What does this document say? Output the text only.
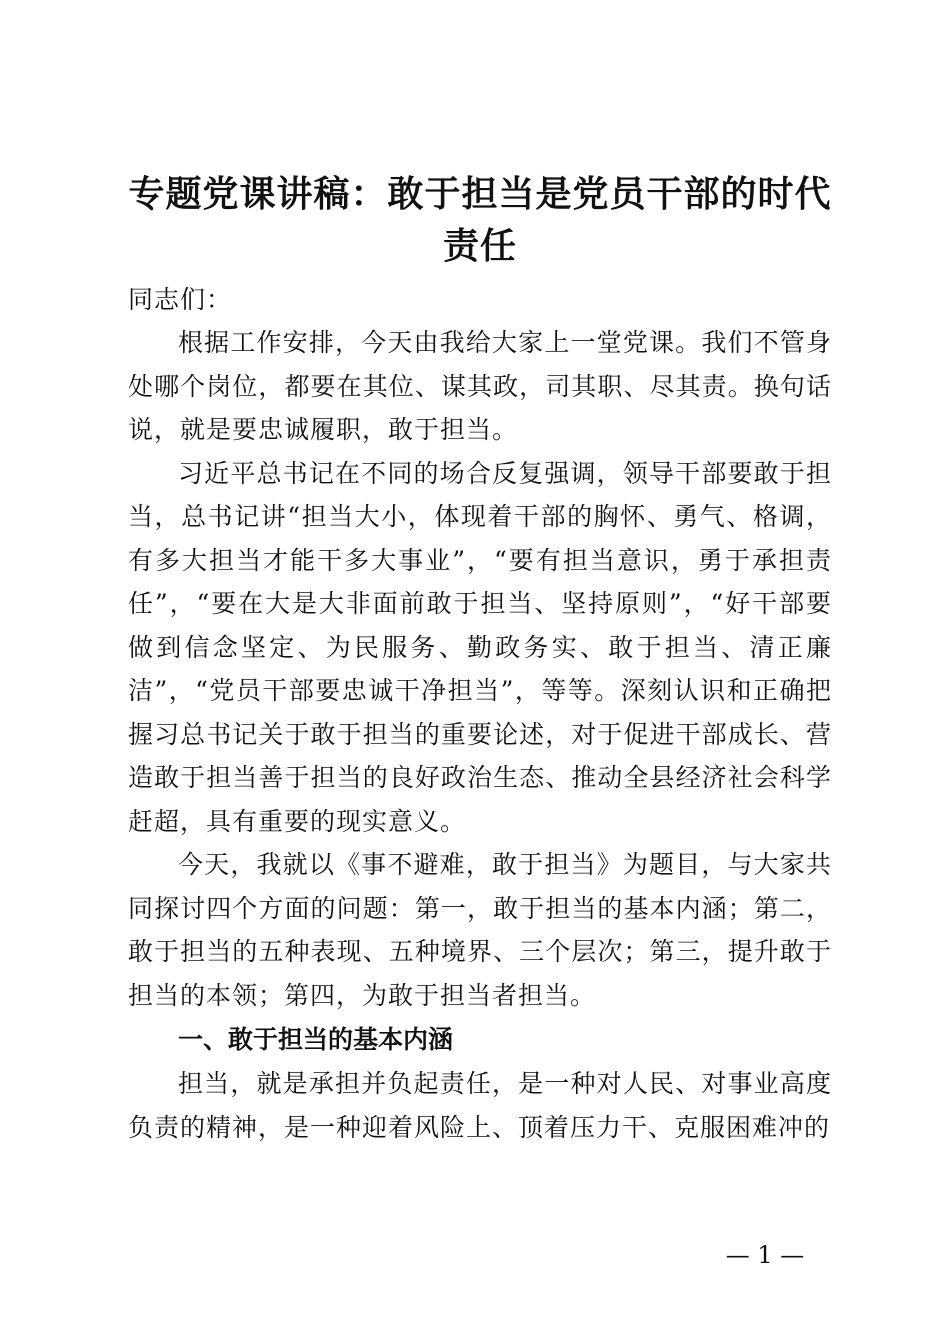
专题党课讲稿：敢于担当是党员干部的时代责任

同志们：

根据工作安排，今天由我给大家上一堂党课。我们不管身处哪个岗位，都要在其位、谋其政，司其职、尽其责。换句话说，就是要忠诚履职，敢于担当。

习近平总书记在不同的场合反复强调，领导干部要敢于担当，总书记讲“担当大小，体现着干部的胸怀、勇气、格调，有多大担当才能干多大事业”，“要有担当意识，勇于承担责任”，“要在大是大非面前敢于担当、坚持原则”，“好干部要做到信念坚定、为民服务、勤政务实、敢于担当、清正廉洁”，“党员干部要忠诚干净担当”，等等。深刻认识和正确把握习总书记关于敢于担当的重要论述，对于促进干部成长、营造敢于担当善于担当的良好政治生态、推动全县经济社会科学赶超，具有重要的现实意义。

今天，我就以《事不避难，敢于担当》为题目，与大家共同探讨四个方面的问题：第一，敢于担当的基本内涵；第二，敢于担当的五种表现、五种境界、三个层次；第三，提升敢于担当的本领；第四，为敢于担当者担当。

一、敢于担当的基本内涵

担当，就是承担并负起责任，是一种对人民、对事业高度负责的精神，是一种迎着风险上、顶着压力干、克服困难冲的

— 1 —
